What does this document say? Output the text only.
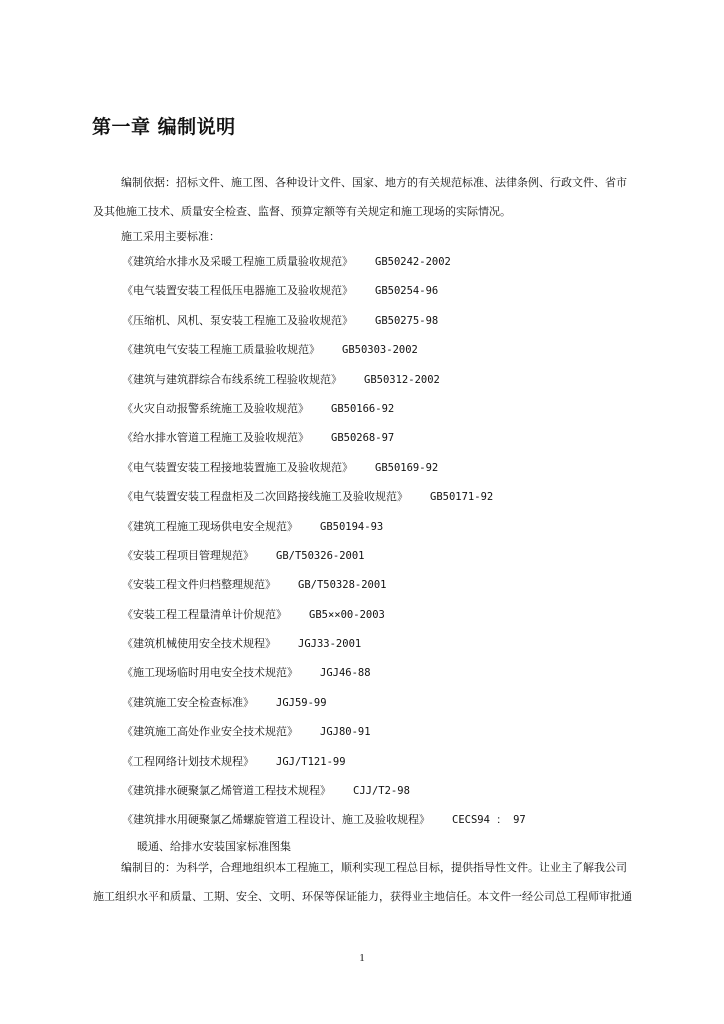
第一章 编制说明
编制依据：招标文件、施工图、各种设计文件、国家、地方的有关规范标准、法律条例、行政文件、省市及其他施工技术、质量安全检查、监督、预算定额等有关规定和施工现场的实际情况。
施工采用主要标准：
《建筑给水排水及采暖工程施工质量验收规范》 GB50242-2002
《电气装置安装工程低压电器施工及验收规范》 GB50254-96
《压缩机、风机、泵安装工程施工及验收规范》 GB50275-98
《建筑电气安装工程施工质量验收规范》 GB50303-2002
《建筑与建筑群综合布线系统工程验收规范》 GB50312-2002
《火灾自动报警系统施工及验收规范》 GB50166-92
《给水排水管道工程施工及验收规范》 GB50268-97
《电气装置安装工程接地装置施工及验收规范》 GB50169-92
《电气装置安装工程盘柜及二次回路接线施工及验收规范》 GB50171-92
《建筑工程施工现场供电安全规范》 GB50194-93
《安装工程项目管理规范》 GB/T50326-2001
《安装工程文件归档整理规范》 GB/T50328-2001
《安装工程工程量清单计价规范》 GB5××00-2003
《建筑机械使用安全技术规程》 JGJ33-2001
《施工现场临时用电安全技术规范》 JGJ46-88
《建筑施工安全检查标准》 JGJ59-99
《建筑施工高处作业安全技术规范》 JGJ80-91
《工程网络计划技术规程》 JGJ/T121-99
《建筑排水硬聚氯乙烯管道工程技术规程》 CJJ/T2-98
《建筑排水用硬聚氯乙烯螺旋管道工程设计、施工及验收规程》 CECS94 ： 97
暖通、给排水安装国家标准图集
编制目的：为科学，合理地组织本工程施工，顺利实现工程总目标，提供指导性文件。让业主了解我公司施工组织水平和质量、工期、安全、文明、环保等保证能力，获得业主地信任。本文件一经公司总工程师审批通
1
